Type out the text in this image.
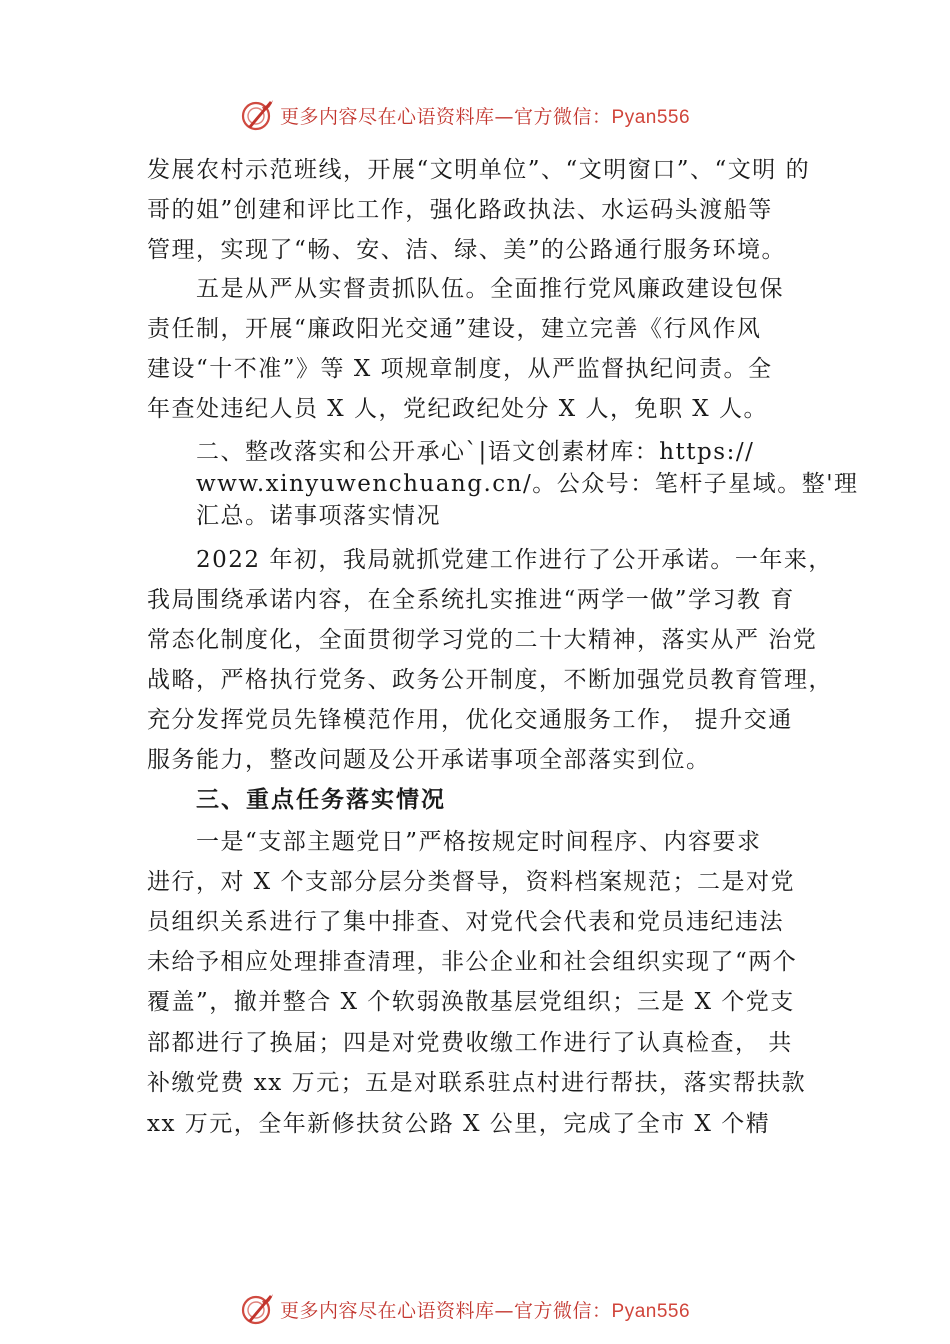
更多内容尽在心语资料库—官方微信：Pyan556
发展农村示范班线，开展“文明单位”、“文明窗口”、“文明 的
哥的姐”创建和评比工作，强化路政执法、水运码头渡船等
管理，实现了“畅、安、洁、绿、美”的公路通行服务环境。
五是从严从实督责抓队伍。全面推行党风廉政建设包保
责任制，开展“廉政阳光交通”建设，建立完善《行风作风
建设“十不准”》等 X 项规章制度，从严监督执纪问责。全
年查处违纪人员 X 人，党纪政纪处分 X 人，免职 X 人。
二、整改落实和公开承心`|语文创素材库：https://
www.xinyuwenchuang.cn/。公众号：笔杆子星域。整'理
汇总。诺事项落实情况
2022 年初，我局就抓党建工作进行了公开承诺。一年来，
我局围绕承诺内容，在全系统扎实推进“两学一做”学习教 育
常态化制度化，全面贯彻学习党的二十大精神，落实从严 治党
战略，严格执行党务、政务公开制度，不断加强党员教育管理，
充分发挥党员先锋模范作用，优化交通服务工作， 提升交通
服务能力，整改问题及公开承诺事项全部落实到位。
三、重点任务落实情况
一是“支部主题党日”严格按规定时间程序、内容要求
进行，对 X 个支部分层分类督导，资料档案规范；二是对党
员组织关系进行了集中排查、对党代会代表和党员违纪违法
未给予相应处理排查清理，非公企业和社会组织实现了“两个
覆盖”，撤并整合 X 个软弱涣散基层党组织；三是 X 个党支
部都进行了换届；四是对党费收缴工作进行了认真检查， 共
补缴党费 xx 万元；五是对联系驻点村进行帮扶，落实帮扶款
xx 万元，全年新修扶贫公路 X 公里，完成了全市 X 个精
更多内容尽在心语资料库—官方微信：Pyan556
